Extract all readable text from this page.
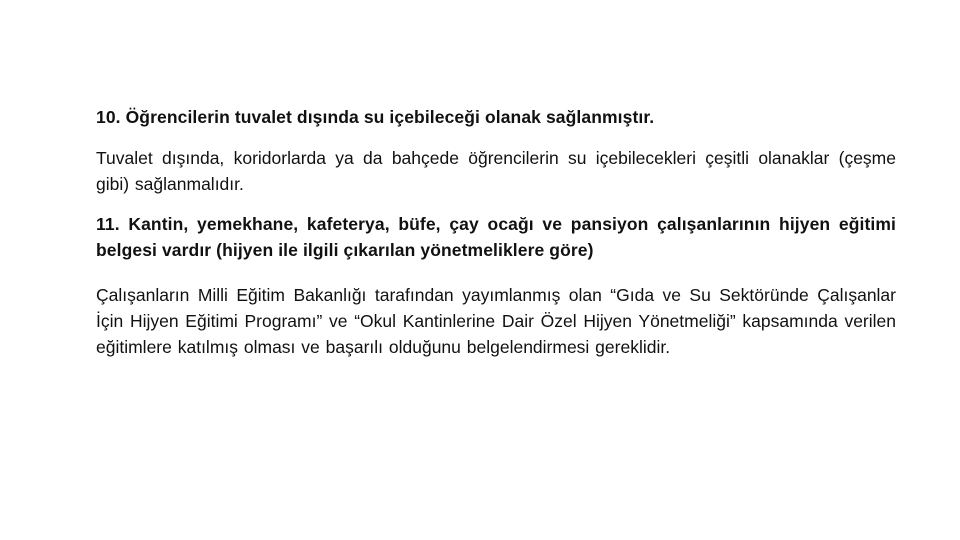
10. Öğrencilerin tuvalet dışında su içebileceği olanak sağlanmıştır.

Tuvalet dışında, koridorlarda ya da bahçede öğrencilerin su içebilecekleri çeşitli olanaklar (çeşme gibi) sağlanmalıdır.

11. Kantin, yemekhane, kafeterya, büfe, çay ocağı ve pansiyon çalışanlarının hijyen eğitimi belgesi vardır (hijyen ile ilgili çıkarılan yönetmeliklere göre)

Çalışanların Milli Eğitim Bakanlığı tarafından yayımlanmış olan “Gıda ve Su Sektöründe Çalışanlar İçin Hijyen Eğitimi Programı” ve “Okul Kantinlerine Dair Özel Hijyen Yönetmeliği” kapsamında verilen eğitimlere katılmış olması ve başarılı olduğunu belgelendirmesi gereklidir.
